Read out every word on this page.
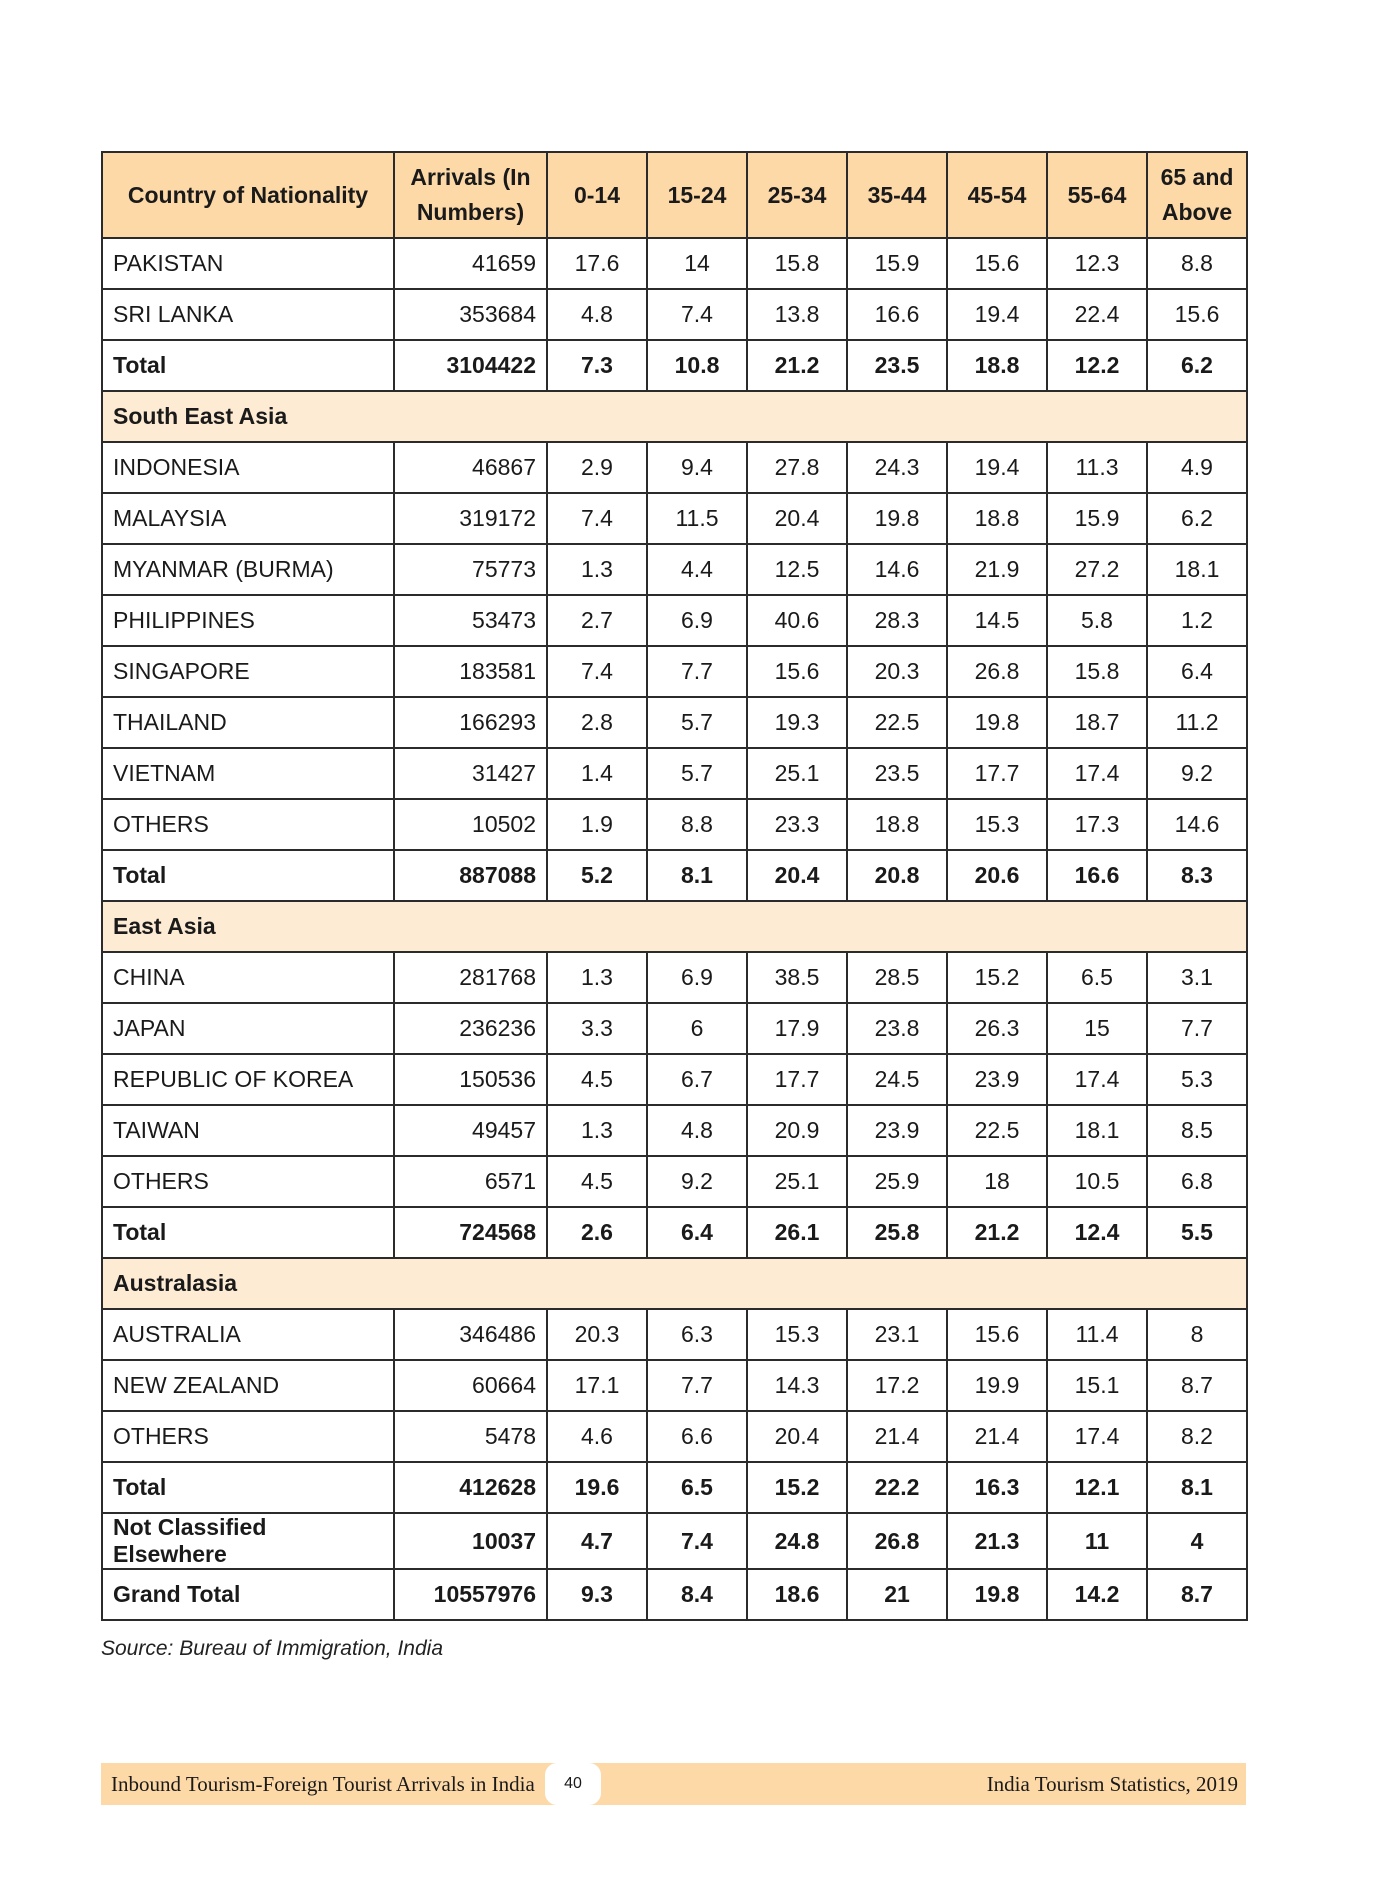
Country of Nationality	Arrivals (In Numbers)	0-14	15-24	25-34	35-44	45-54	55-64	65 and Above
PAKISTAN	41659	17.6	14	15.8	15.9	15.6	12.3	8.8
SRI LANKA	353684	4.8	7.4	13.8	16.6	19.4	22.4	15.6
Total	3104422	7.3	10.8	21.2	23.5	18.8	12.2	6.2
South East Asia								
INDONESIA	46867	2.9	9.4	27.8	24.3	19.4	11.3	4.9
MALAYSIA	319172	7.4	11.5	20.4	19.8	18.8	15.9	6.2
MYANMAR (BURMA)	75773	1.3	4.4	12.5	14.6	21.9	27.2	18.1
PHILIPPINES	53473	2.7	6.9	40.6	28.3	14.5	5.8	1.2
SINGAPORE	183581	7.4	7.7	15.6	20.3	26.8	15.8	6.4
THAILAND	166293	2.8	5.7	19.3	22.5	19.8	18.7	11.2
VIETNAM	31427	1.4	5.7	25.1	23.5	17.7	17.4	9.2
OTHERS	10502	1.9	8.8	23.3	18.8	15.3	17.3	14.6
Total	887088	5.2	8.1	20.4	20.8	20.6	16.6	8.3
East Asia								
CHINA	281768	1.3	6.9	38.5	28.5	15.2	6.5	3.1
JAPAN	236236	3.3	6	17.9	23.8	26.3	15	7.7
REPUBLIC OF KOREA	150536	4.5	6.7	17.7	24.5	23.9	17.4	5.3
TAIWAN	49457	1.3	4.8	20.9	23.9	22.5	18.1	8.5
OTHERS	6571	4.5	9.2	25.1	25.9	18	10.5	6.8
Total	724568	2.6	6.4	26.1	25.8	21.2	12.4	5.5
Australasia								
AUSTRALIA	346486	20.3	6.3	15.3	23.1	15.6	11.4	8
NEW ZEALAND	60664	17.1	7.7	14.3	17.2	19.9	15.1	8.7
OTHERS	5478	4.6	6.6	20.4	21.4	21.4	17.4	8.2
Total	412628	19.6	6.5	15.2	22.2	16.3	12.1	8.1
Not Classified Elsewhere	10037	4.7	7.4	24.8	26.8	21.3	11	4
Grand Total	10557976	9.3	8.4	18.6	21	19.8	14.2	8.7
Source: Bureau of Immigration, India
Inbound Tourism-Foreign Tourist Arrivals in India	India Tourism Statistics, 2019
40
